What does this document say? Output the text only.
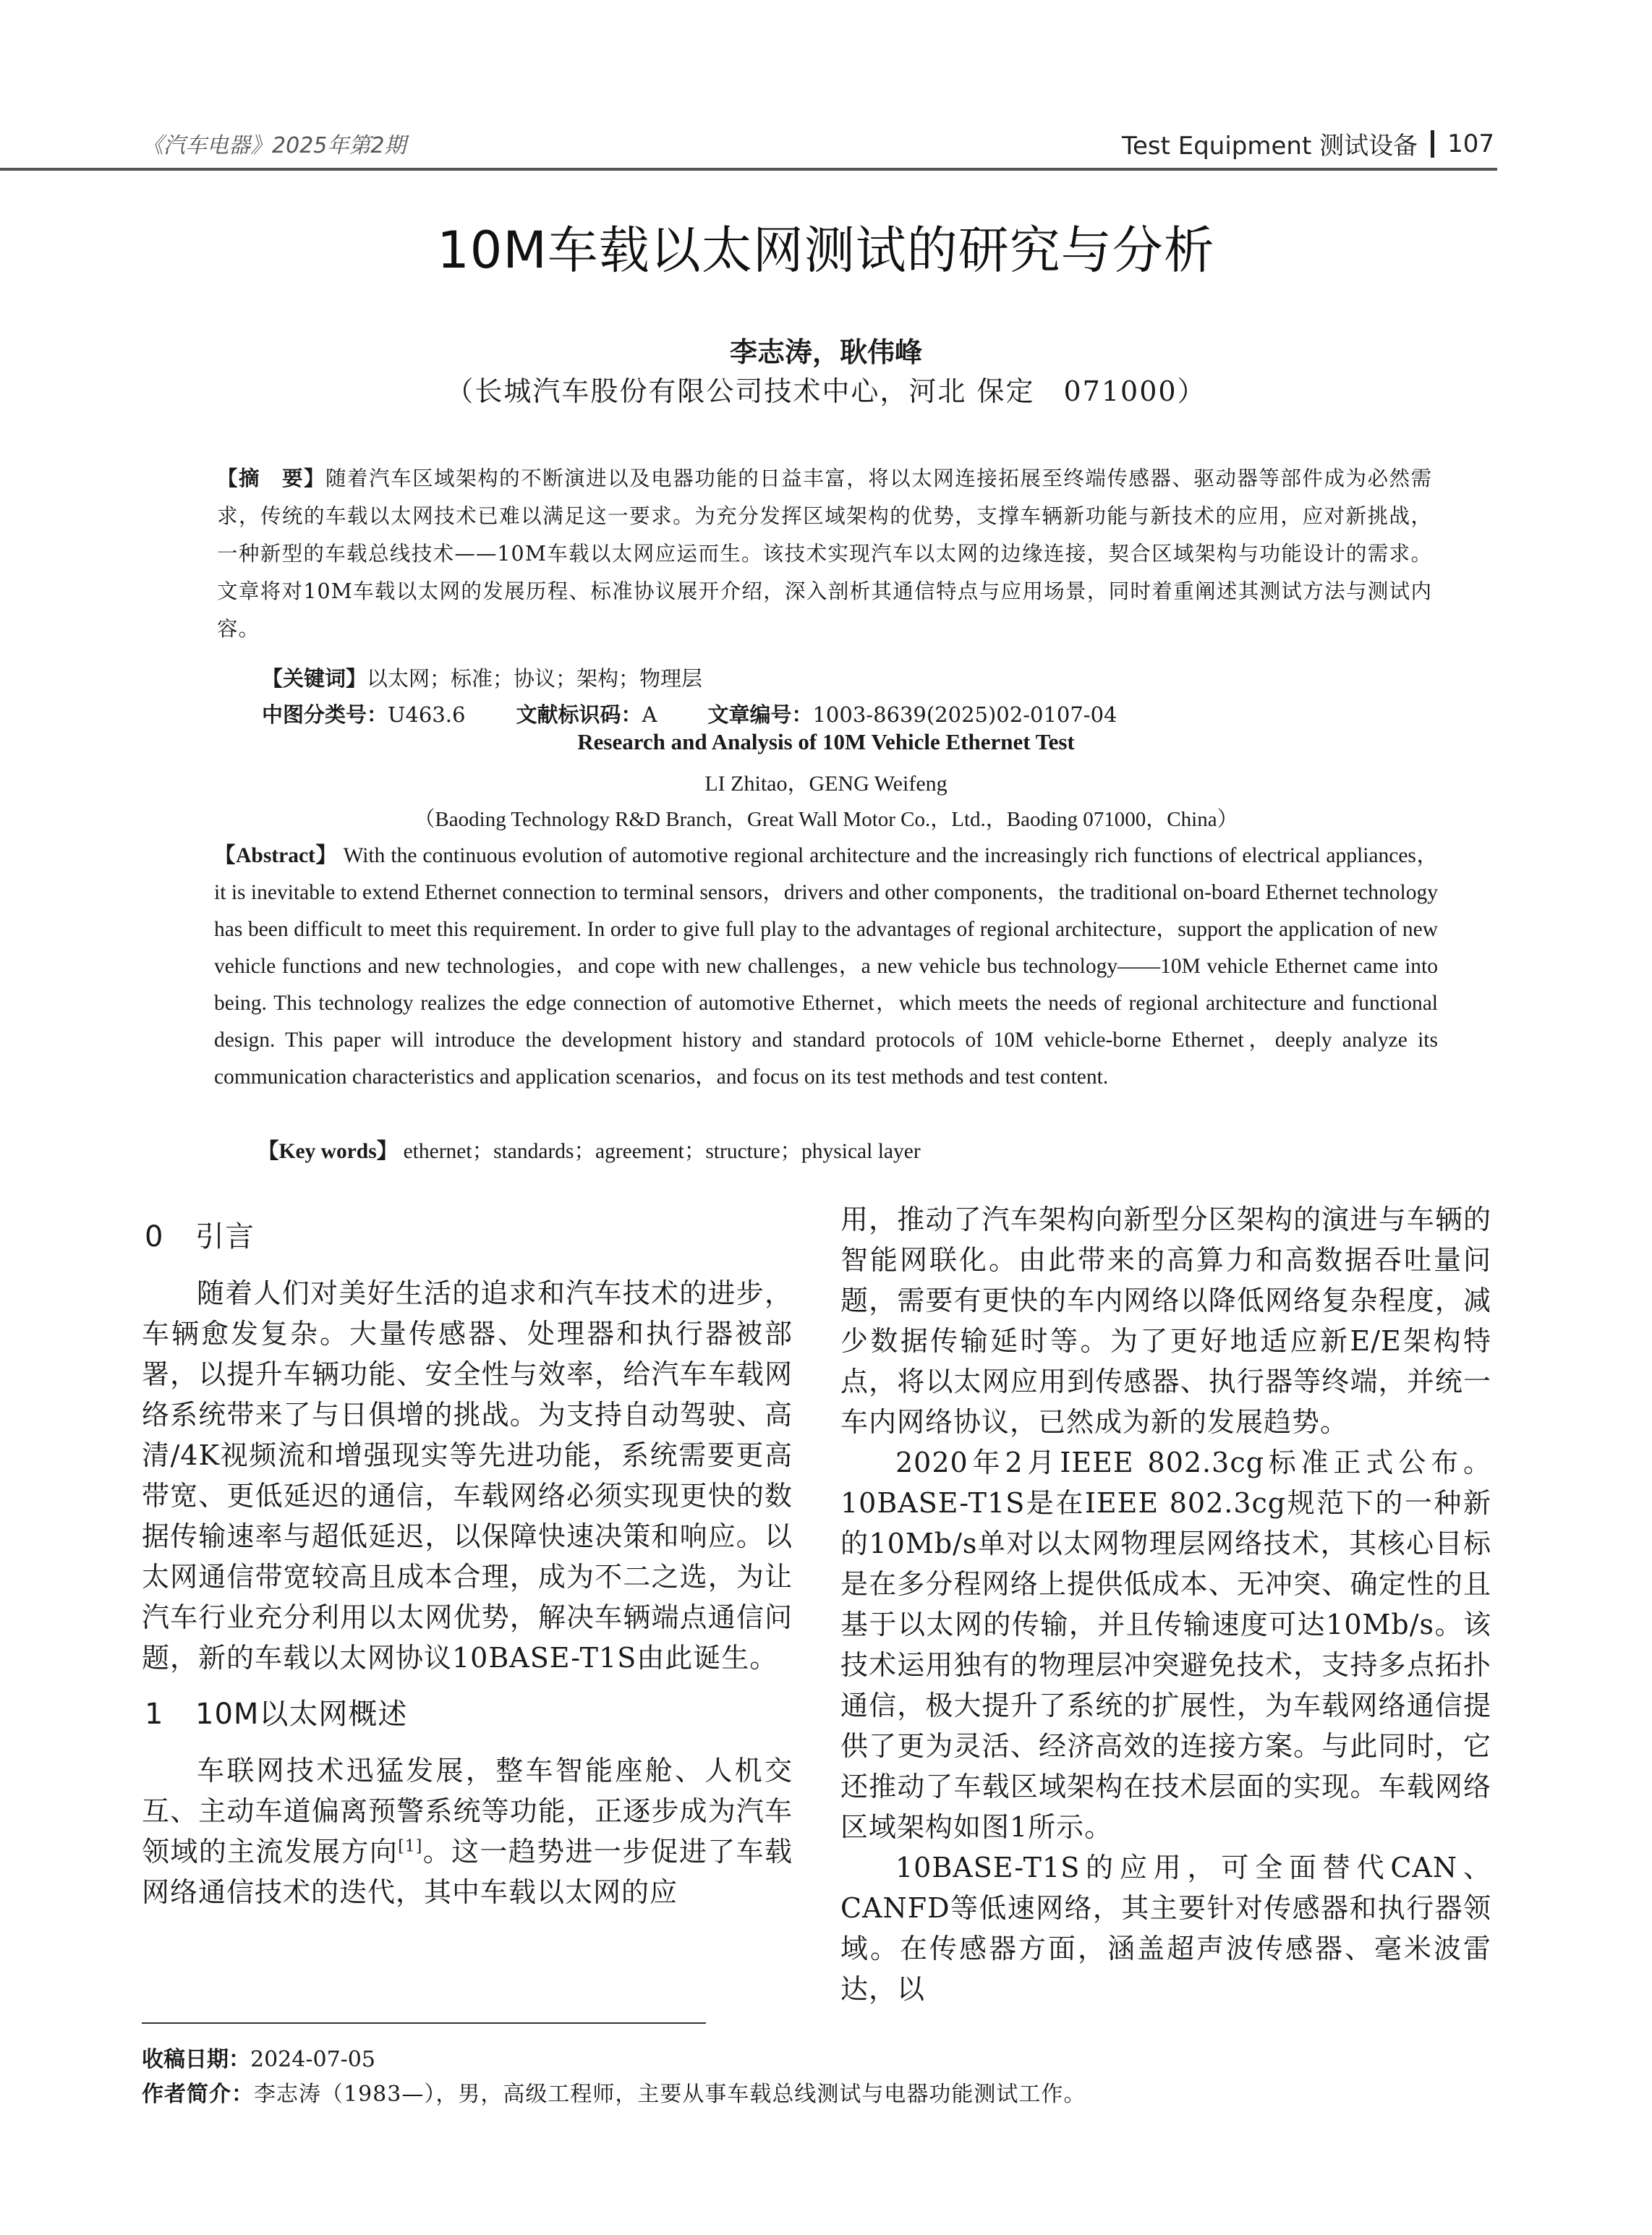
《汽车电器》2025年第2期	Test Equipment 测试设备 107
10M车载以太网测试的研究与分析
李志涛，耿伟峰
（长城汽车股份有限公司技术中心，河北 保定　071000）
【摘　要】随着汽车区域架构的不断演进以及电器功能的日益丰富，将以太网连接拓展至终端传感器、驱动器等部件成为必然需求，传统的车载以太网技术已难以满足这一要求。为充分发挥区域架构的优势，支撑车辆新功能与新技术的应用，应对新挑战，一种新型的车载总线技术——10M车载以太网应运而生。该技术实现汽车以太网的边缘连接，契合区域架构与功能设计的需求。文章将对10M车载以太网的发展历程、标准协议展开介绍，深入剖析其通信特点与应用场景，同时着重阐述其测试方法与测试内容。
【关键词】以太网；标准；协议；架构；物理层
中图分类号：U463.6 文献标识码：A 文章编号：1003-8639(2025)02-0107-04
Research and Analysis of 10M Vehicle Ethernet Test
LI Zhitao，GENG Weifeng
（Baoding Technology R&D Branch，Great Wall Motor Co.，Ltd.，Baoding 071000，China）
【Abstract】 With the continuous evolution of automotive regional architecture and the increasingly rich functions of electrical appliances，it is inevitable to extend Ethernet connection to terminal sensors，drivers and other components，the traditional on-board Ethernet technology has been difficult to meet this requirement. In order to give full play to the advantages of regional architecture，support the application of new vehicle functions and new technologies，and cope with new challenges，a new vehicle bus technology——10M vehicle Ethernet came into being. This technology realizes the edge connection of automotive Ethernet，which meets the needs of regional architecture and functional design. This paper will introduce the development history and standard protocols of 10M vehicle-borne Ethernet，deeply analyze its communication characteristics and application scenarios，and focus on its test methods and test content.
【Key words】 ethernet；standards；agreement；structure；physical layer
0 引言

随着人们对美好生活的追求和汽车技术的进步，车辆愈发复杂。大量传感器、处理器和执行器被部署，以提升车辆功能、安全性与效率，给汽车车载网络系统带来了与日俱增的挑战。为支持自动驾驶、高清/4K视频流和增强现实等先进功能，系统需要更高带宽、更低延迟的通信，车载网络必须实现更快的数据传输速率与超低延迟，以保障快速决策和响应。以太网通信带宽较高且成本合理，成为不二之选，为让汽车行业充分利用以太网优势，解决车辆端点通信问题，新的车载以太网协议10BASE-T1S由此诞生。

1 10M以太网概述

车联网技术迅猛发展，整车智能座舱、人机交互、主动车道偏离预警系统等功能，正逐步成为汽车领域的主流发展方向[1]。这一趋势进一步促进了车载网络通信技术的迭代，其中车载以太网的应

用，推动了汽车架构向新型分区架构的演进与车辆的智能网联化。由此带来的高算力和高数据吞吐量问题，需要有更快的车内网络以降低网络复杂程度，减少数据传输延时等。为了更好地适应新E/E架构特点，将以太网应用到传感器、执行器等终端，并统一车内网络协议，已然成为新的发展趋势。

2020年2月IEEE 802.3cg标准正式公布。10BASE-T1S是在IEEE 802.3cg规范下的一种新的10Mb/s单对以太网物理层网络技术，其核心目标是在多分程网络上提供低成本、无冲突、确定性的且基于以太网的传输，并且传输速度可达10Mb/s。该技术运用独有的物理层冲突避免技术，支持多点拓扑通信，极大提升了系统的扩展性，为车载网络通信提供了更为灵活、经济高效的连接方案。与此同时，它还推动了车载区域架构在技术层面的实现。车载网络区域架构如图1所示。

10BASE-T1S的应用，可全面替代CAN、CANFD等低速网络，其主要针对传感器和执行器领域。在传感器方面，涵盖超声波传感器、毫米波雷达，以

收稿日期：2024-07-05
作者简介：李志涛（1983—），男，高级工程师，主要从事车载总线测试与电器功能测试工作。
